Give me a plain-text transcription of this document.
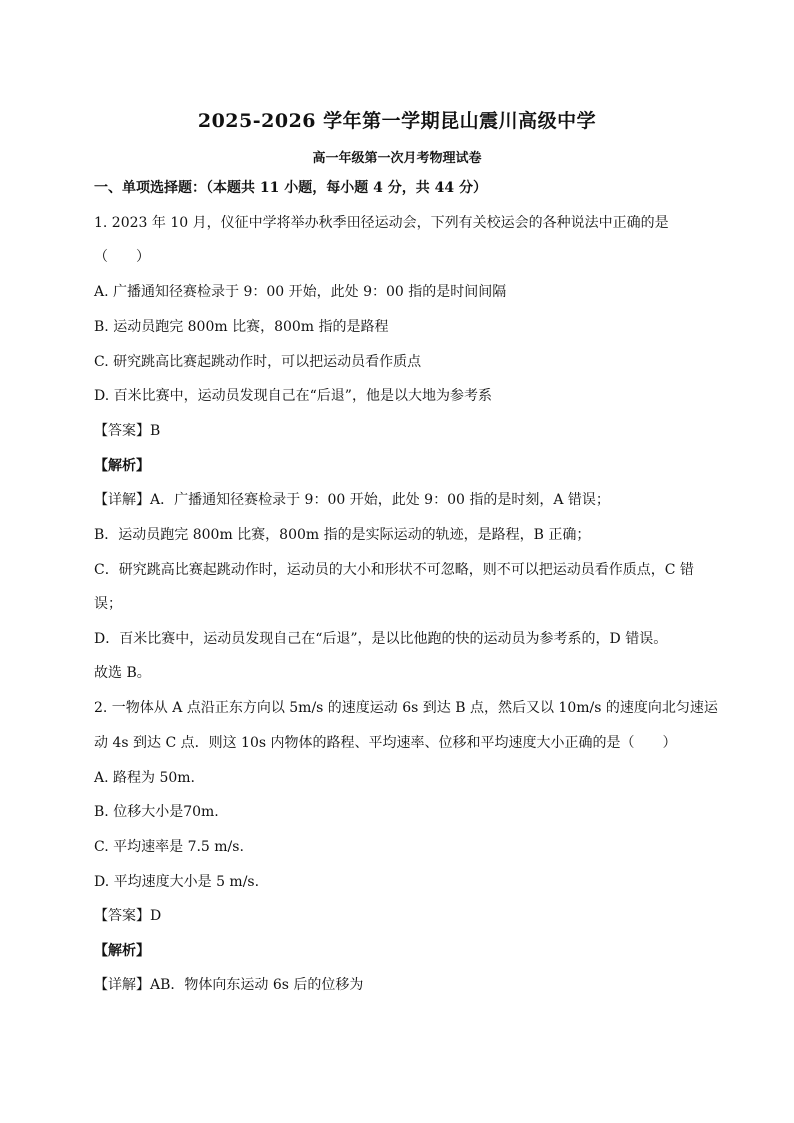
2025-2026 学年第一学期昆山震川高级中学
高一年级第一次月考物理试卷
一、单项选择题：（本题共 11 小题，每小题 4 分，共 44 分）
1. 2023 年 10 月，仪征中学将举办秋季田径运动会，下列有关校运会的各种说法中正确的是
（　　）
A. 广播通知径赛检录于 9：00 开始，此处 9：00 指的是时间间隔
B. 运动员跑完 800m 比赛，800m 指的是路程
C. 研究跳高比赛起跳动作时，可以把运动员看作质点
D. 百米比赛中，运动员发现自己在“后退”，他是以大地为参考系
【答案】B
【解析】
【详解】A．广播通知径赛检录于 9：00 开始，此处 9：00 指的是时刻，A 错误；
B．运动员跑完 800m 比赛，800m 指的是实际运动的轨迹，是路程，B 正确；
C．研究跳高比赛起跳动作时，运动员的大小和形状不可忽略，则不可以把运动员看作质点，C 错
误；
D．百米比赛中，运动员发现自己在“后退”，是以比他跑的快的运动员为参考系的，D 错误。
故选 B。
2. 一物体从 A 点沿正东方向以 5m/s 的速度运动 6s 到达 B 点，然后又以 10m/s 的速度向北匀速运
动 4s 到达 C 点．则这 10s 内物体的路程、平均速率、位移和平均速度大小正确的是（　　）
A. 路程为 50m.
B. 位移大小是70m.
C. 平均速率是 7.5 m/s.
D. 平均速度大小是 5 m/s.
【答案】D
【解析】
【详解】AB．物体向东运动 6s 后的位移为
